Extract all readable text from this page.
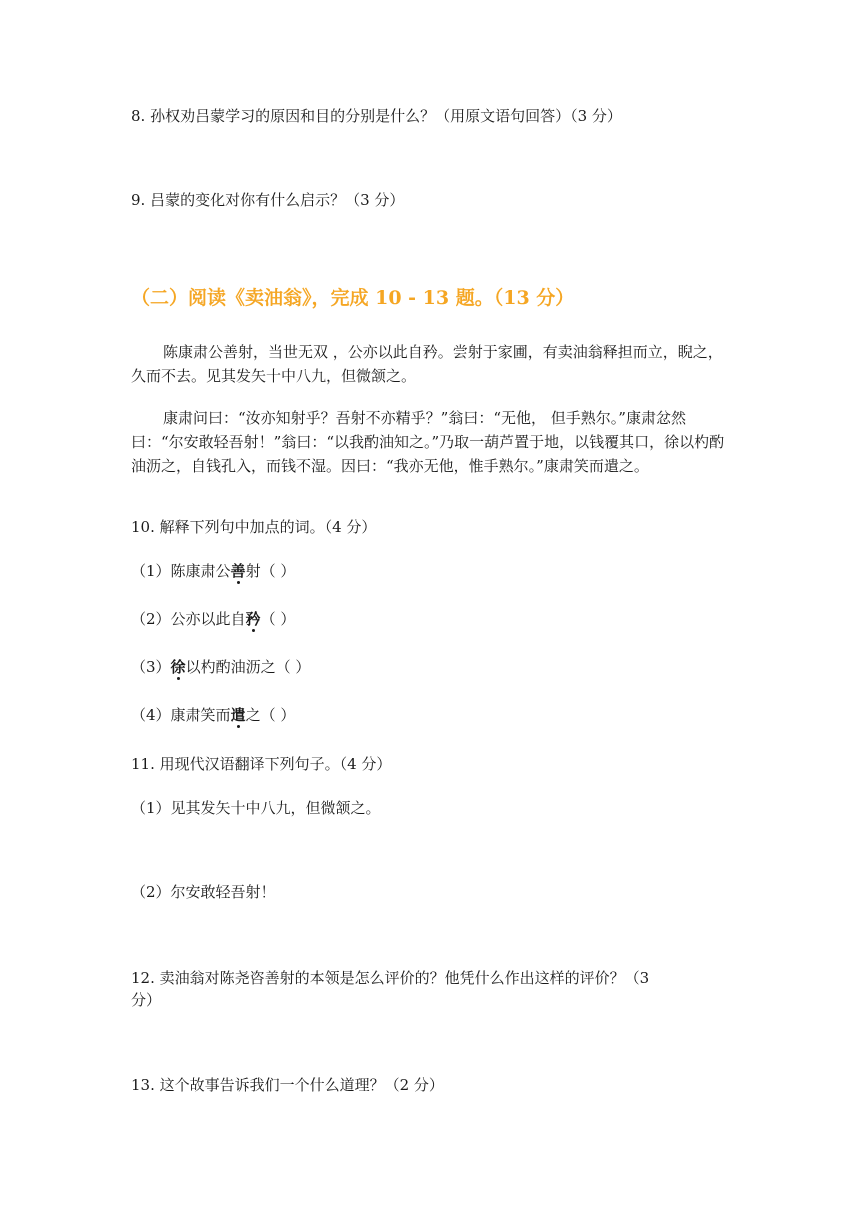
8. 孙权劝吕蒙学习的原因和目的分别是什么？（用原文语句回答）（3 分）
9. 吕蒙的变化对你有什么启示？（3 分）
（二）阅读《卖油翁》，完成 10 - 13 题。（13 分）
陈康肃公善射，当世无双 ，公亦以此自矜。尝射于家圃，有卖油翁释担而立，睨之，久而不去。见其发矢十中八九，但微颔之。
康肃问曰：“汝亦知射乎？吾射不亦精乎？”翁曰：“无他， 但手熟尔。”康肃忿然曰：“尔安敢轻吾射！”翁曰：“以我酌油知之。”乃取一葫芦置于地，以钱覆其口，徐以杓酌油沥之，自钱孔入，而钱不湿。因曰：“我亦无他，惟手熟尔。”康肃笑而遣之。
10. 解释下列句中加点的词。（4 分）
（1）陈康肃公善射（ ）
（2）公亦以此自矜（ ）
（3）徐以杓酌油沥之（ ）
（4）康肃笑而遣之（ ）
11. 用现代汉语翻译下列句子。（4 分）
（1）见其发矢十中八九，但微颔之。
（2）尔安敢轻吾射！
12. 卖油翁对陈尧咨善射的本领是怎么评价的？他凭什么作出这样的评价？（3
分）
13. 这个故事告诉我们一个什么道理？（2 分）
